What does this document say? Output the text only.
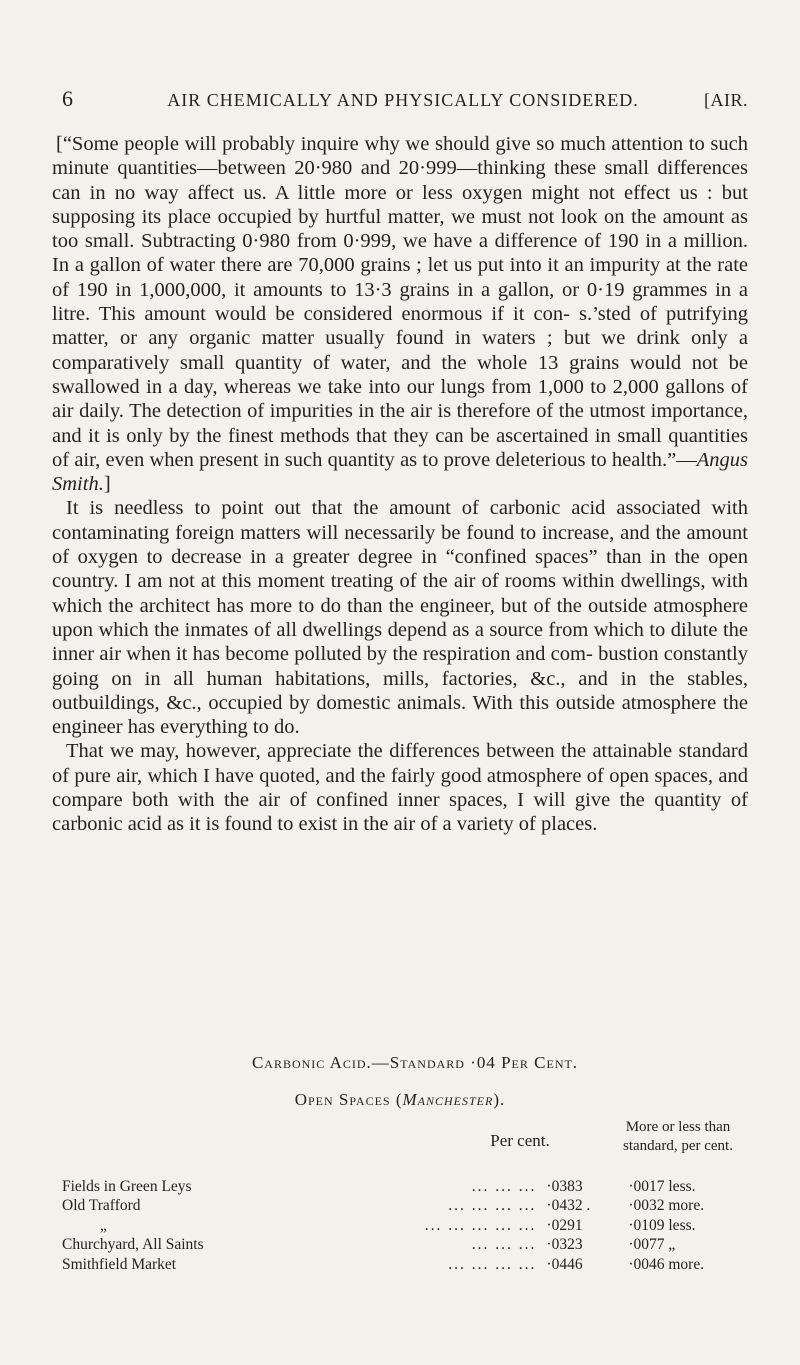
6	AIR CHEMICALLY AND PHYSICALLY CONSIDERED.	[AIR.

[“Some people will probably inquire why we should give so much attention to such minute quantities—between 20·980 and 20·999—thinking these small differences can in no way affect us. A little more or less oxygen might not effect us : but supposing its place occupied by hurtful matter, we must not look on the amount as too small. Subtracting 0·980 from 0·999, we have a difference of 190 in a million. In a gallon of water there are 70,000 grains ; let us put into it an impurity at the rate of 190 in 1,000,000, it amounts to 13·3 grains in a gallon, or 0·19 grammes in a litre. This amount would be considered enormous if it con- s.’sted of putrifying matter, or any organic matter usually found in waters ; but we drink only a comparatively small quantity of water, and the whole 13 grains would not be swallowed in a day, whereas we take into our lungs from 1,000 to 2,000 gallons of air daily. The detection of impurities in the air is therefore of the utmost importance, and it is only by the finest methods that they can be ascertained in small quantities of air, even when present in such quantity as to prove deleterious to health.”—Angus Smith.]

It is needless to point out that the amount of carbonic acid associated with contaminating foreign matters will necessarily be found to increase, and the amount of oxygen to decrease in a greater degree in “confined spaces” than in the open country. I am not at this moment treating of the air of rooms within dwellings, with which the architect has more to do than the engineer, but of the outside atmosphere upon which the inmates of all dwellings depend as a source from which to dilute the inner air when it has become polluted by the respiration and com- bustion constantly going on in all human habitations, mills, factories, &c., and in the stables, outbuildings, &c., occupied by domestic animals. With this outside atmosphere the engineer has everything to do.

That we may, however, appreciate the differences between the attainable standard of pure air, which I have quoted, and the fairly good atmosphere of open spaces, and compare both with the air of confined inner spaces, I will give the quantity of carbonic acid as it is found to exist in the air of a variety of places.

Carbonic Acid.—Standard ·04 Per Cent.
Open Spaces (Manchester).
Per cent.
More or less than
standard, per cent.
Fields in Green Leys	... ... ...	·0383	·0017 less.
Old Trafford	... ... ... ...	·0432 .	·0032 more.
„	... ... ... ... ...	·0291	·0109 less.
Churchyard, All Saints	... ... ...	·0323	·0077 „
Smithfield Market	... ... ... ...	·0446	·0046 more.
